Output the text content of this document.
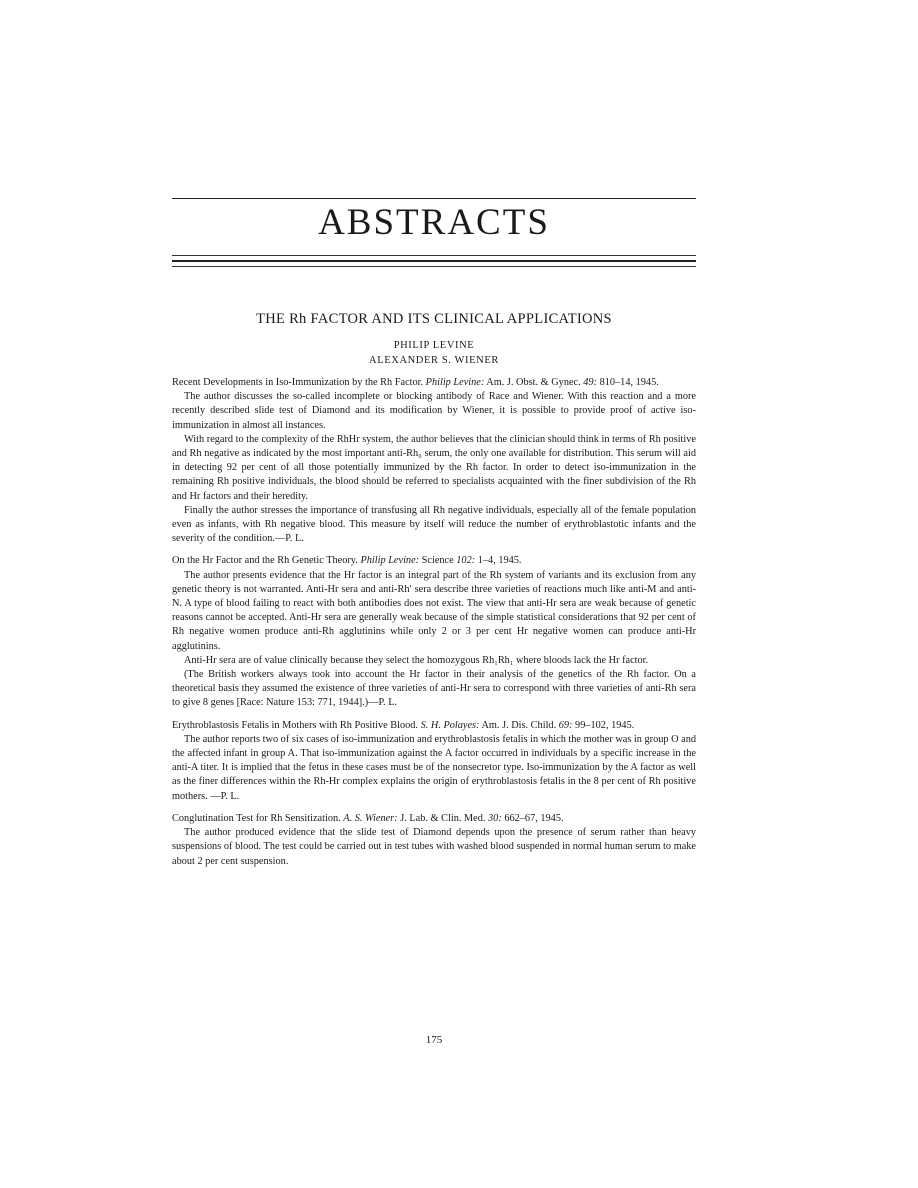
ABSTRACTS
THE Rh FACTOR AND ITS CLINICAL APPLICATIONS

PHILIP LEVINE

ALEXANDER S. WIENER

Recent Developments in Iso-Immunization by the Rh Factor. Philip Levine: Am. J. Obst. & Gynec. 49: 810–14, 1945.

The author discusses the so-called incomplete or blocking antibody of Race and Wiener. With this reaction and a more recently described slide test of Diamond and its modification by Wiener, it is possible to provide proof of active iso-immunization in almost all instances.

With regard to the complexity of the RhHr system, the author believes that the clinician should think in terms of Rh positive and Rh negative as indicated by the most important anti-Rh₀ serum, the only one available for distribution. This serum will aid in detecting 92 per cent of all those potentially immunized by the Rh factor. In order to detect iso-immunization in the remaining Rh positive individuals, the blood should be referred to specialists acquainted with the finer subdivision of the Rh and Hr factors and their heredity.

Finally the author stresses the importance of transfusing all Rh negative individuals, especially all of the female population even as infants, with Rh negative blood. This measure by itself will reduce the number of erythroblastotic infants and the severity of the condition.—P. L.

On the Hr Factor and the Rh Genetic Theory. Philip Levine: Science 102: 1–4, 1945.

The author presents evidence that the Hr factor is an integral part of the Rh system of variants and its exclusion from any genetic theory is not warranted. Anti-Hr sera and anti-Rh′ sera describe three varieties of reactions much like anti-M and anti-N. A type of blood failing to react with both antibodies does not exist. The view that anti-Hr sera are weak because of genetic reasons cannot be accepted. Anti-Hr sera are generally weak because of the simple statistical considerations that 92 per cent of Rh negative women produce anti-Rh agglutinins while only 2 or 3 per cent Hr negative women can produce anti-Hr agglutinins.

Anti-Hr sera are of value clinically because they select the homozygous Rh₁Rh₁ where bloods lack the Hr factor.

(The British workers always took into account the Hr factor in their analysis of the genetics of the Rh factor. On a theoretical basis they assumed the existence of three varieties of anti-Hr sera to correspond with three varieties of anti-Rh sera to give 8 genes [Race: Nature 153: 771, 1944].)—P. L.

Erythroblastosis Fetalis in Mothers with Rh Positive Blood. S. H. Polayes: Am. J. Dis. Child. 69: 99–102, 1945.

The author reports two of six cases of iso-immunization and erythroblastosis fetalis in which the mother was in group O and the affected infant in group A. That iso-immunization against the A factor occurred in individuals by a specific increase in the anti-A titer. It is implied that the fetus in these cases must be of the nonsecretor type. Iso-immunization by the A factor as well as the finer differences within the Rh-Hr complex explains the origin of erythroblastosis fetalis in the 8 per cent of Rh positive mothers. —P. L.

Conglutination Test for Rh Sensitization. A. S. Wiener: J. Lab. & Clin. Med. 30: 662–67, 1945.

The author produced evidence that the slide test of Diamond depends upon the presence of serum rather than heavy suspensions of blood. The test could be carried out in test tubes with washed blood suspended in normal human serum to make about 2 per cent suspension.

175
